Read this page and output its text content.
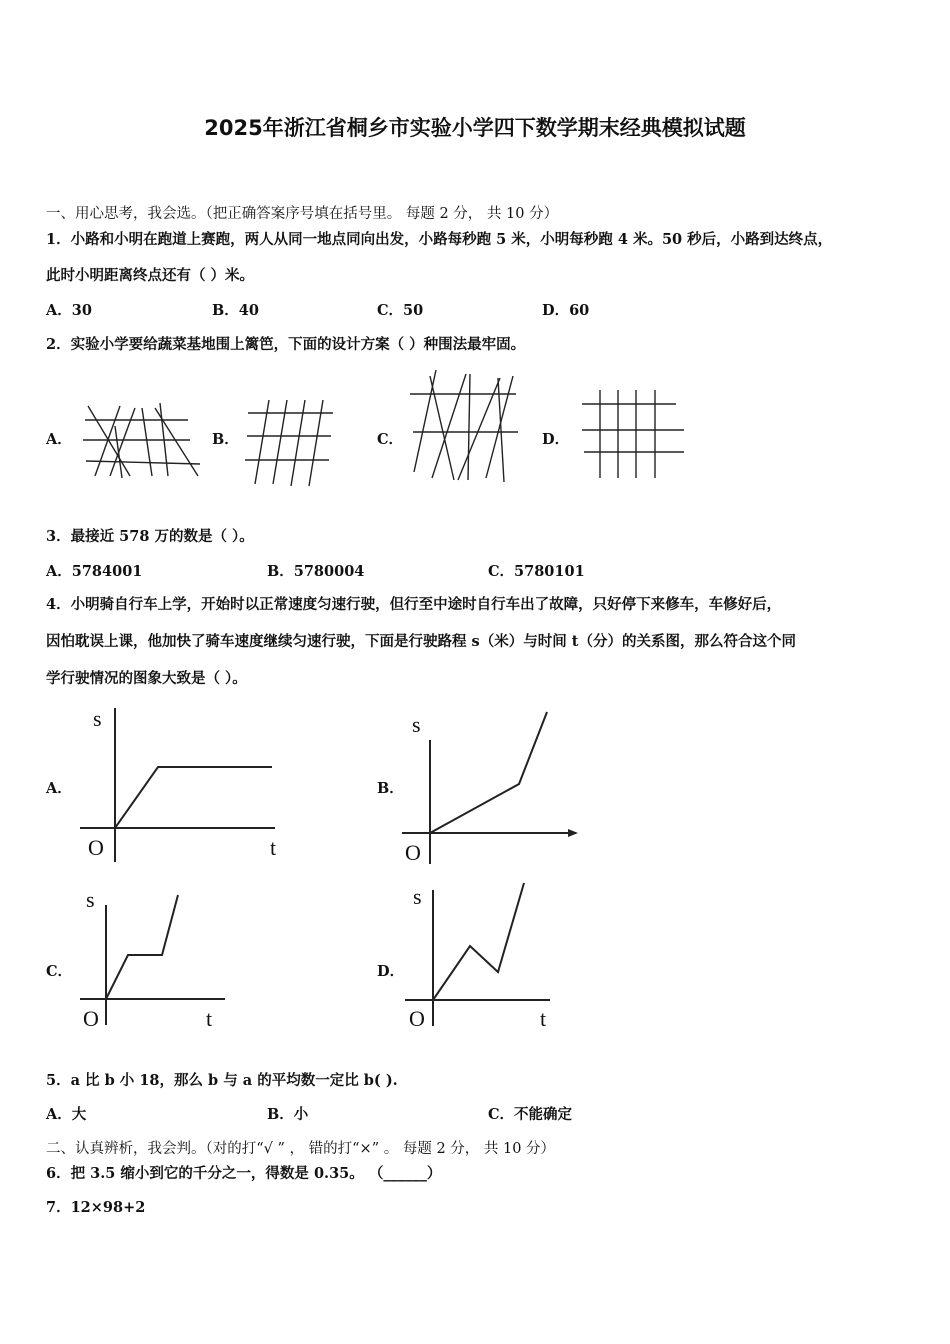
2025年浙江省桐乡市实验小学四下数学期末经典模拟试题
一、用心思考，我会选。（把正确答案序号填在括号里。 每题 2 分， 共 10 分）
1．小路和小明在跑道上赛跑，两人从同一地点同向出发，小路每秒跑 5 米，小明每秒跑 4 米。50 秒后，小路到达终点，
此时小明距离终点还有（ ）米。
A．30	B．40	C．50	D．60
2．实验小学要给蔬菜基地围上篱笆，下面的设计方案（ ）种围法最牢固。
A．	B．	C．	D．
3．最接近 578 万的数是（ ）。
A．5784001	B．5780004	C．5780101
4．小明骑自行车上学，开始时以正常速度匀速行驶，但行至中途时自行车出了故障，只好停下来修车，车修好后，
因怕耽误上课，他加快了骑车速度继续匀速行驶，下面是行驶路程 s（米）与时间 t（分）的关系图，那么符合这个同
学行驶情况的图象大致是（ ）。
A．	B．
C．	D．
s
O	t
s
O
s
O	t
s
O	t
5．a 比 b 小 18，那么 b 与 a 的平均数一定比 b( ).
A．大	B．小	C．不能确定
二、认真辨析，我会判。（对的打“√ ” ， 错的打“×” 。 每题 2 分， 共 10 分）
6．把 3.5 缩小到它的千分之一，得数是 0.35。 （______）
7．12×98+2
